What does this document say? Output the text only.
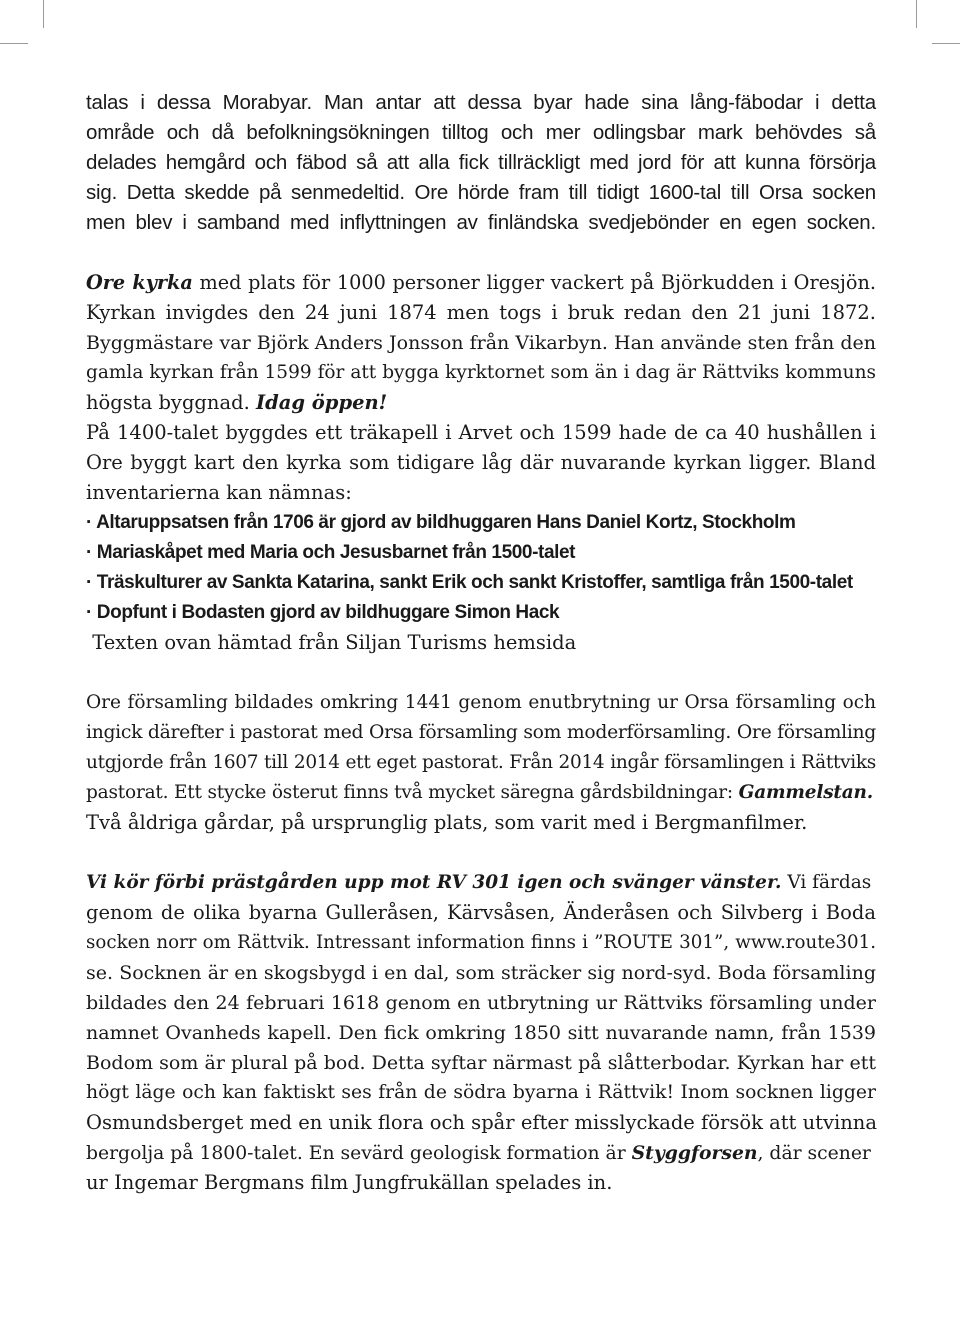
talas i dessa Morabyar. Man antar att dessa byar hade sina lång-fäbodar i detta
område och då befolkningsökningen tilltog och mer odlingsbar mark behövdes så
delades hemgård och fäbod så att alla fick tillräckligt med jord för att kunna försörja
sig. Detta skedde på senmedeltid. Ore hörde fram till tidigt 1600-tal till Orsa socken
men blev i samband med inflyttningen av finländska svedjebönder en egen socken.
Ore kyrka med plats för 1000 personer ligger vackert på Björkudden i Oresjön.
Kyrkan invigdes den 24 juni 1874 men togs i bruk redan den 21 juni 1872.
Byggmästare var Björk Anders Jonsson från Vikarbyn. Han använde sten från den
gamla kyrkan från 1599 för att bygga kyrktornet som än i dag är Rättviks kommuns
högsta byggnad. Idag öppen!
På 1400-talet byggdes ett träkapell i Arvet och 1599 hade de ca 40 hushållen i
Ore byggt kart den kyrka som tidigare låg där nuvarande kyrkan ligger. Bland
inventarierna kan nämnas:
· Altaruppsatsen från 1706 är gjord av bildhuggaren Hans Daniel Kortz, Stockholm
· Mariaskåpet med Maria och Jesusbarnet från 1500-talet
· Träskulturer av Sankta Katarina, sankt Erik och sankt Kristoffer, samtliga från 1500-talet
· Dopfunt i Bodasten gjord av bildhuggare Simon Hack
Texten ovan hämtad från Siljan Turisms hemsida
Ore församling bildades omkring 1441 genom enutbrytning ur Orsa församling och
ingick därefter i pastorat med Orsa församling som moderförsamling. Ore församling
utgjorde från 1607 till 2014 ett eget pastorat. Från 2014 ingår församlingen i Rättviks
pastorat. Ett stycke österut finns två mycket säregna gårdsbildningar: Gammelstan.
Två åldriga gårdar, på ursprunglig plats, som varit med i Bergmanfilmer.
Vi kör förbi prästgården upp mot RV 301 igen och svänger vänster. Vi färdas
genom de olika byarna Gulleråsen, Kärvsåsen, Änderåsen och Silvberg i Boda
socken norr om Rättvik. Intressant information finns i ”ROUTE 301”, www.route301.
se. Socknen är en skogsbygd i en dal, som sträcker sig nord-syd. Boda församling
bildades den 24 februari 1618 genom en utbrytning ur Rättviks församling under
namnet Ovanheds kapell. Den fick omkring 1850 sitt nuvarande namn, från 1539
Bodom som är plural på bod. Detta syftar närmast på slåtterbodar. Kyrkan har ett
högt läge och kan faktiskt ses från de södra byarna i Rättvik! Inom socknen ligger
Osmundsberget med en unik flora och spår efter misslyckade försök att utvinna
bergolja på 1800-talet. En sevärd geologisk formation är Styggforsen, där scener
ur Ingemar Bergmans film Jungfrukällan spelades in.
